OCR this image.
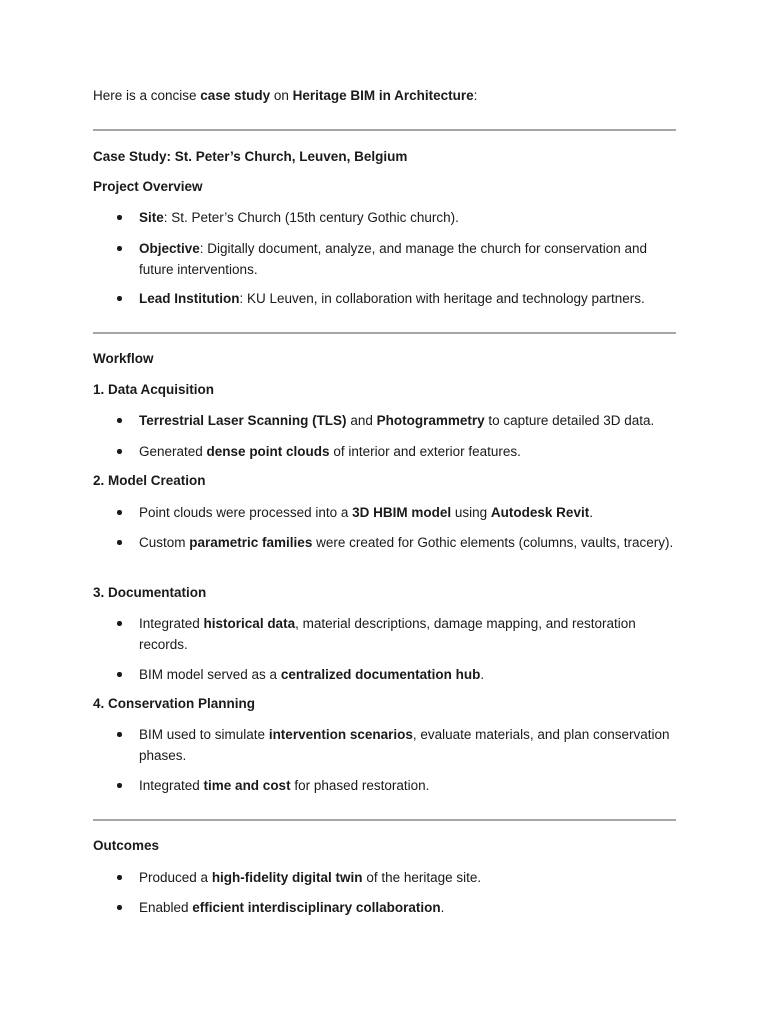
Here is a concise case study on Heritage BIM in Architecture:
Case Study: St. Peter’s Church, Leuven, Belgium
Project Overview
Site: St. Peter’s Church (15th century Gothic church).
Objective: Digitally document, analyze, and manage the church for conservation and future interventions.
Lead Institution: KU Leuven, in collaboration with heritage and technology partners.
Workflow
1. Data Acquisition
Terrestrial Laser Scanning (TLS) and Photogrammetry to capture detailed 3D data.
Generated dense point clouds of interior and exterior features.
2. Model Creation
Point clouds were processed into a 3D HBIM model using Autodesk Revit.
Custom parametric families were created for Gothic elements (columns, vaults, tracery).
3. Documentation
Integrated historical data, material descriptions, damage mapping, and restoration records.
BIM model served as a centralized documentation hub.
4. Conservation Planning
BIM used to simulate intervention scenarios, evaluate materials, and plan conservation phases.
Integrated time and cost for phased restoration.
Outcomes
Produced a high-fidelity digital twin of the heritage site.
Enabled efficient interdisciplinary collaboration.
